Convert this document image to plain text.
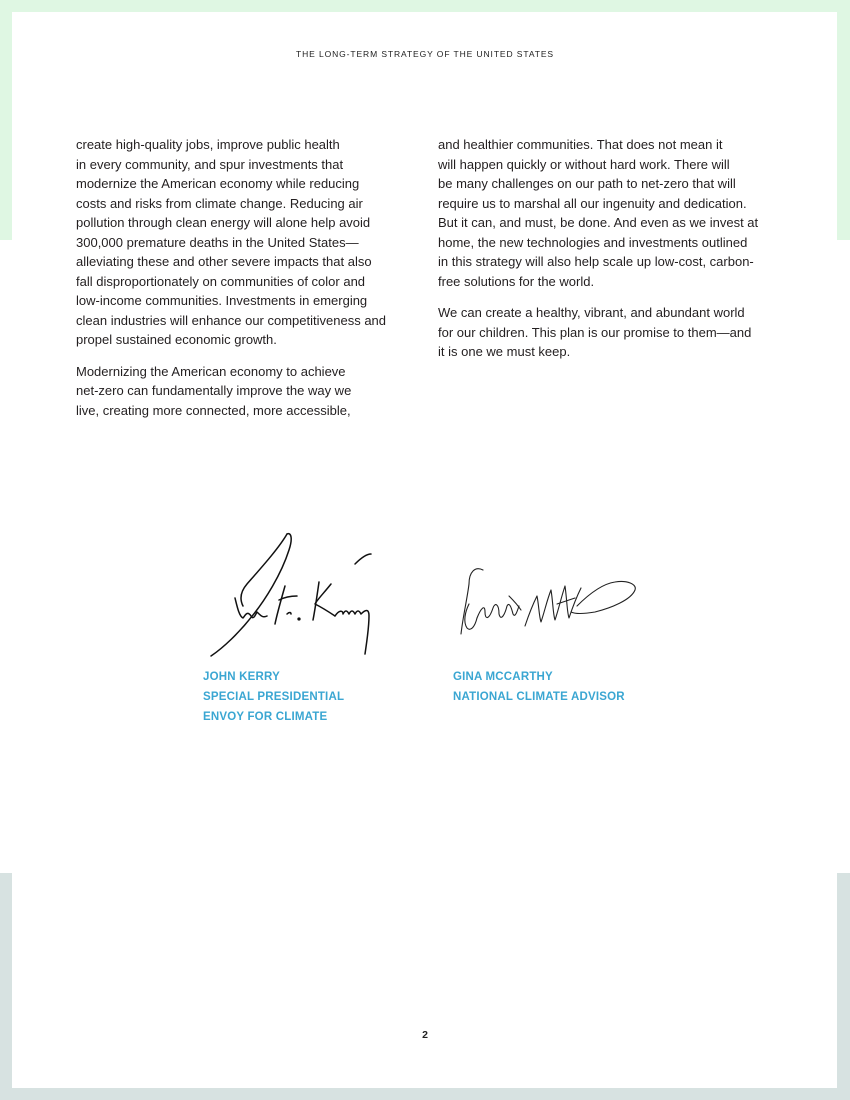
THE LONG-TERM STRATEGY OF THE UNITED STATES

create high-quality jobs, improve public health
in every community, and spur investments that
modernize the American economy while reducing
costs and risks from climate change. Reducing air
pollution through clean energy will alone help avoid
300,000 premature deaths in the United States—
alleviating these and other severe impacts that also
fall disproportionately on communities of color and
low-income communities. Investments in emerging
clean industries will enhance our competitiveness and
propel sustained economic growth.

Modernizing the American economy to achieve
net-zero can fundamentally improve the way we
live, creating more connected, more accessible,

and healthier communities. That does not mean it
will happen quickly or without hard work. There will
be many challenges on our path to net-zero that will
require us to marshal all our ingenuity and dedication.
But it can, and must, be done. And even as we invest at
home, the new technologies and investments outlined
in this strategy will also help scale up low-cost, carbon-
free solutions for the world.

We can create a healthy, vibrant, and abundant world
for our children. This plan is our promise to them—and
it is one we must keep.

JOHN KERRY
SPECIAL PRESIDENTIAL
ENVOY FOR CLIMATE
GINA MCCARTHY
NATIONAL CLIMATE ADVISOR
2
